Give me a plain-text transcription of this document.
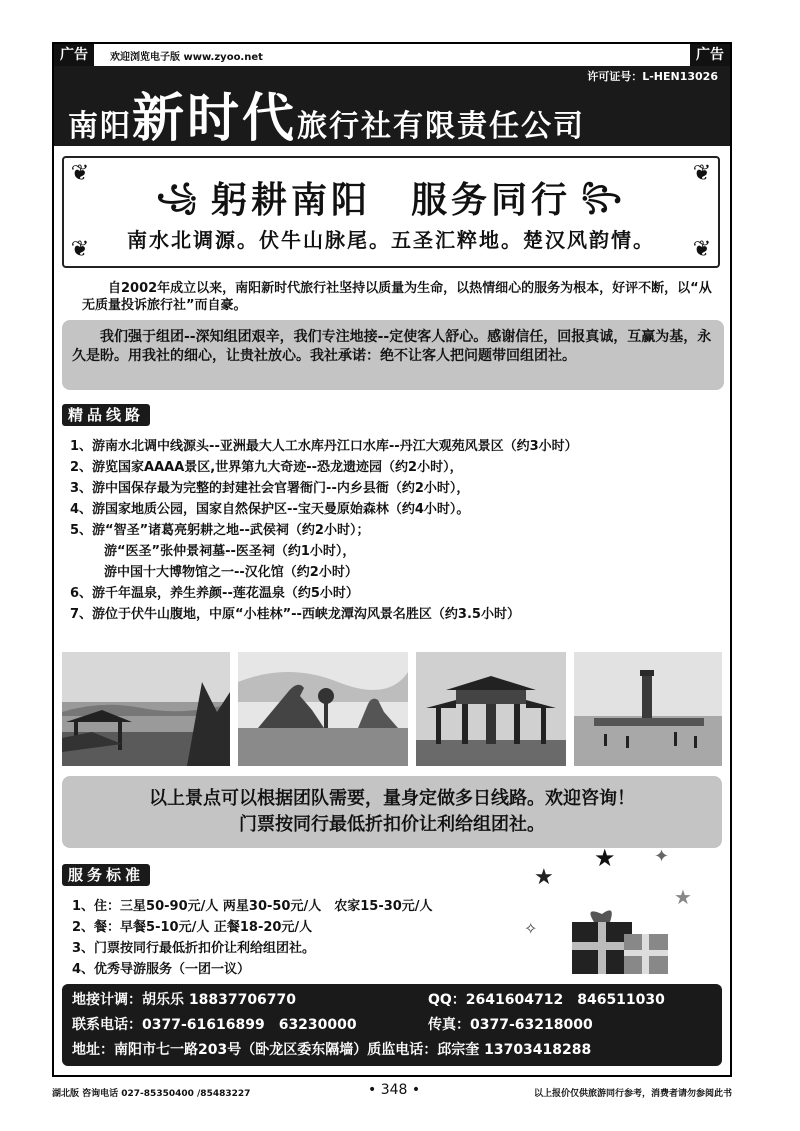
广告	欢迎浏览电子版 www.zyoo.net	广告
许可证号：L-HEN13026
南阳新时代旅行社有限责任公司
❦	❦
❦	❦
꧁ 躬耕南阳　服务同行 ꧂
南水北调源。伏牛山脉尾。五圣汇粹地。楚汉风韵情。
自2002年成立以来，南阳新时代旅行社坚持以质量为生命，以热情细心的服务为根本，好评不断，以“从无质量投诉旅行社”而自豪。
我们强于组团--深知组团艰辛，我们专注地接--定使客人舒心。感谢信任，回报真诚，互赢为基，永久是盼。用我社的细心，让贵社放心。我社承诺：绝不让客人把问题带回组团社。
精品线路
1、游南水北调中线源头--亚洲最大人工水库丹江口水库--丹江大观苑风景区（约3小时）
2、游览国家AAAA景区,世界第九大奇迹--恐龙遗迹园（约2小时），
3、游中国保存最为完整的封建社会官署衙门--内乡县衙（约2小时），
4、游国家地质公园，国家自然保护区--宝天曼原始森林（约4小时）。
5、游“智圣”诸葛亮躬耕之地--武侯祠（约2小时）；
游“医圣”张仲景祠墓--医圣祠（约1小时），
游中国十大博物馆之一--汉化馆（约2小时）
6、游千年温泉，养生养颜--莲花温泉（约5小时）
7、游位于伏牛山腹地，中原“小桂林”--西峡龙潭沟风景名胜区（约3.5小时）
以上景点可以根据团队需要，量身定做多日线路。欢迎咨询！
门票按同行最低折扣价让利给组团社。
服务标准
1、住：三星50-90元/人 两星30-50元/人　农家15-30元/人
2、餐：早餐5-10元/人 正餐18-20元/人
3、门票按同行最低折扣价让利给组团社。
4、优秀导游服务（一团一议）
★
★ ✦
★
✧
地接计调：胡乐乐 18837706770	QQ：2641604712　846511030
联系电话：0377-61616899　63230000	传真：0377-63218000
地址：南阳市七一路203号（卧龙区委东隔墙）质监电话：邱宗奎 13703418288
湖北版 咨询电话 027-85350400 /85483227	• 348 •	以上报价仅供旅游同行参考，消费者请勿参阅此书
